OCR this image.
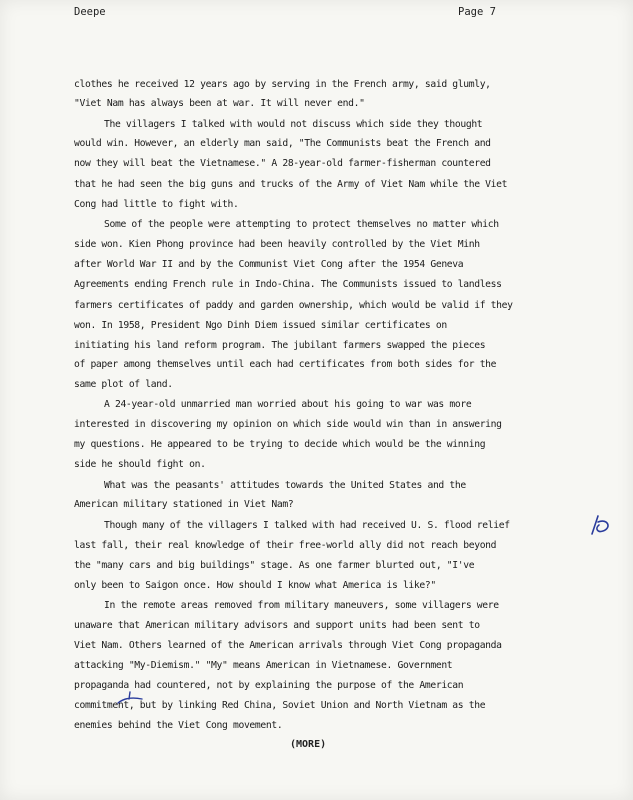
Deepe	Page 7
clothes he received 12 years ago by serving in the French army, said glumly,
"Viet Nam has always been at war. It will never end."
The villagers I talked with would not discuss which side they thought
would win. However, an elderly man said, "The Communists beat the French and
now they will beat the Vietnamese." A 28-year-old farmer-fisherman countered
that he had seen the big guns and trucks of the Army of Viet Nam while the Viet
Cong had little to fight with.
Some of the people were attempting to protect themselves no matter which
side won. Kien Phong province had been heavily controlled by the Viet Minh
after World War II and by the Communist Viet Cong after the 1954 Geneva
Agreements ending French rule in Indo-China. The Communists issued to landless
farmers certificates of paddy and garden ownership, which would be valid if they
won. In 1958, President Ngo Dinh Diem issued similar certificates on
initiating his land reform program. The jubilant farmers swapped the pieces
of paper among themselves until each had certificates from both sides for the
same plot of land.
A 24-year-old unmarried man worried about his going to war was more
interested in discovering my opinion on which side would win than in answering
my questions. He appeared to be trying to decide which would be the winning
side he should fight on.
What was the peasants' attitudes towards the United States and the
American military stationed in Viet Nam?
Though many of the villagers I talked with had received U. S. flood relief
last fall, their real knowledge of their free-world ally did not reach beyond
the "many cars and big buildings" stage. As one farmer blurted out, "I've
only been to Saigon once. How should I know what America is like?"
In the remote areas removed from military maneuvers, some villagers were
unaware that American military advisors and support units had been sent to
Viet Nam. Others learned of the American arrivals through Viet Cong propaganda
attacking "My-Diemism." "My" means American in Vietnamese. Government
propaganda had countered, not by explaining the purpose of the American
commitment, but by linking Red China, Soviet Union and North Vietnam as the
enemies behind the Viet Cong movement.
(MORE)
